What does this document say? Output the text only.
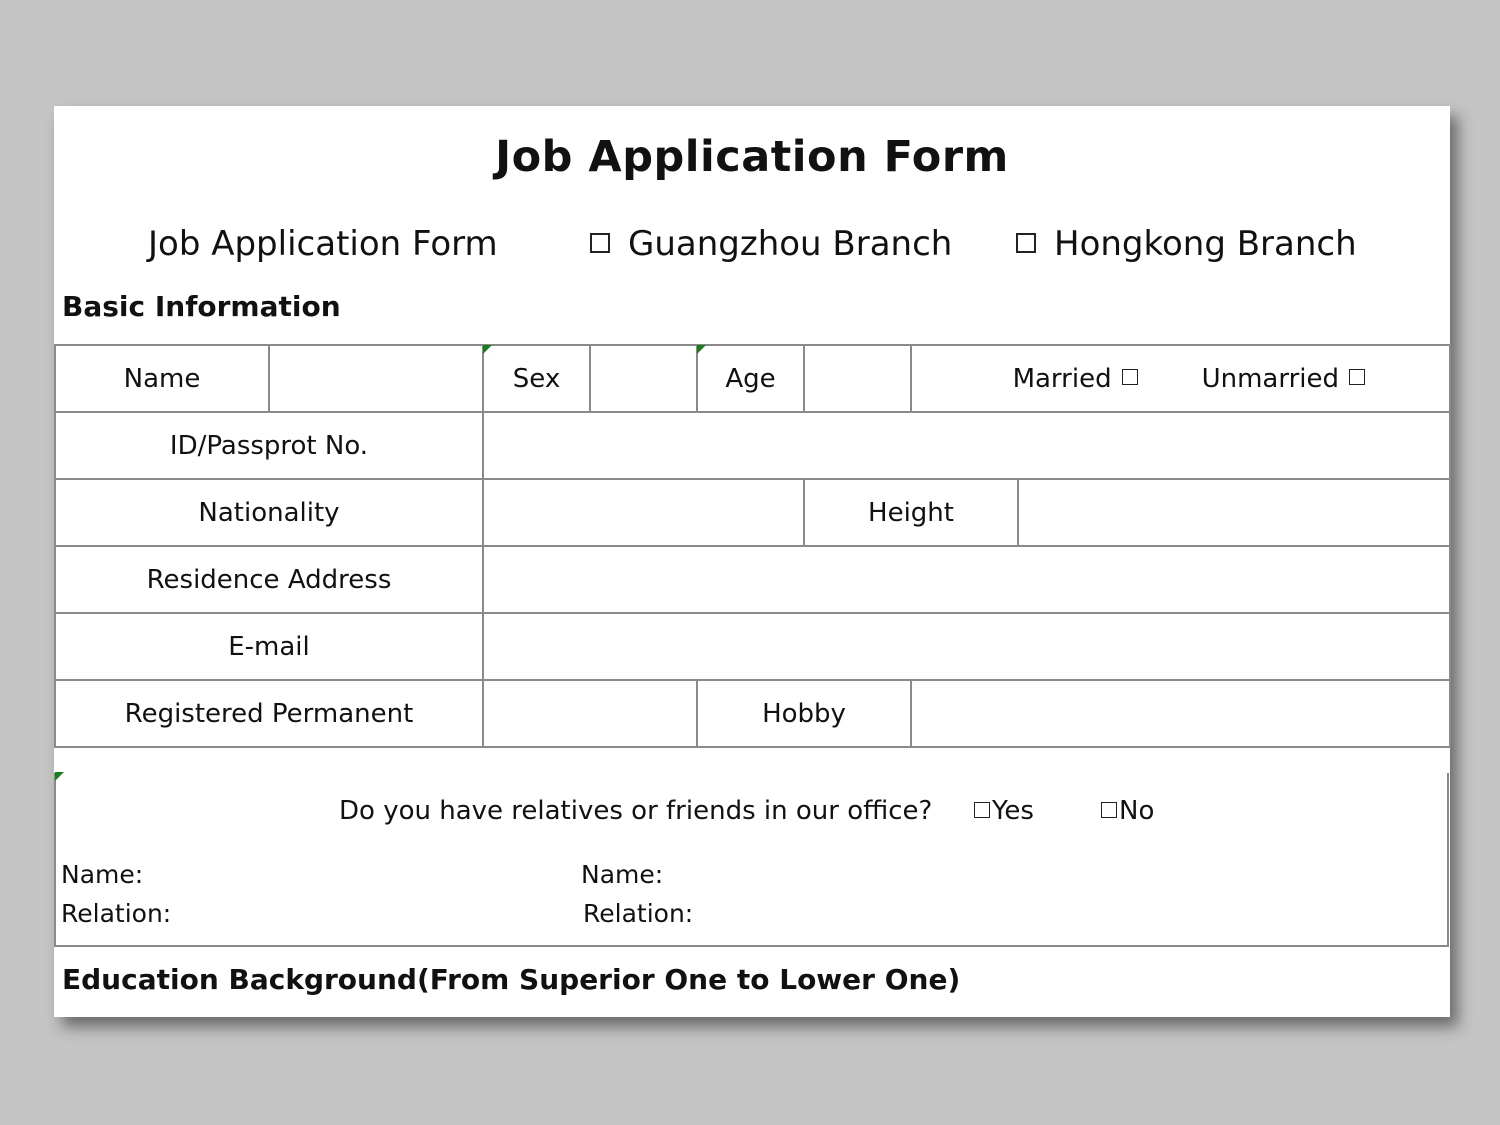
Job Application Form
Job Application Form	Guangzhou Branch	Hongkong Branch
Basic Information
Name		Sex		Age		Married Unmarried	

ID/Passprot No.							
Nationality					Height		
Residence Address							
E-mail							
Registered Permanent				Hobby			
Do you have relatives or friends in our office?	Yes	No
Name:
Relation:
Name:
Relation:
Education Background(From Superior One to Lower One)
